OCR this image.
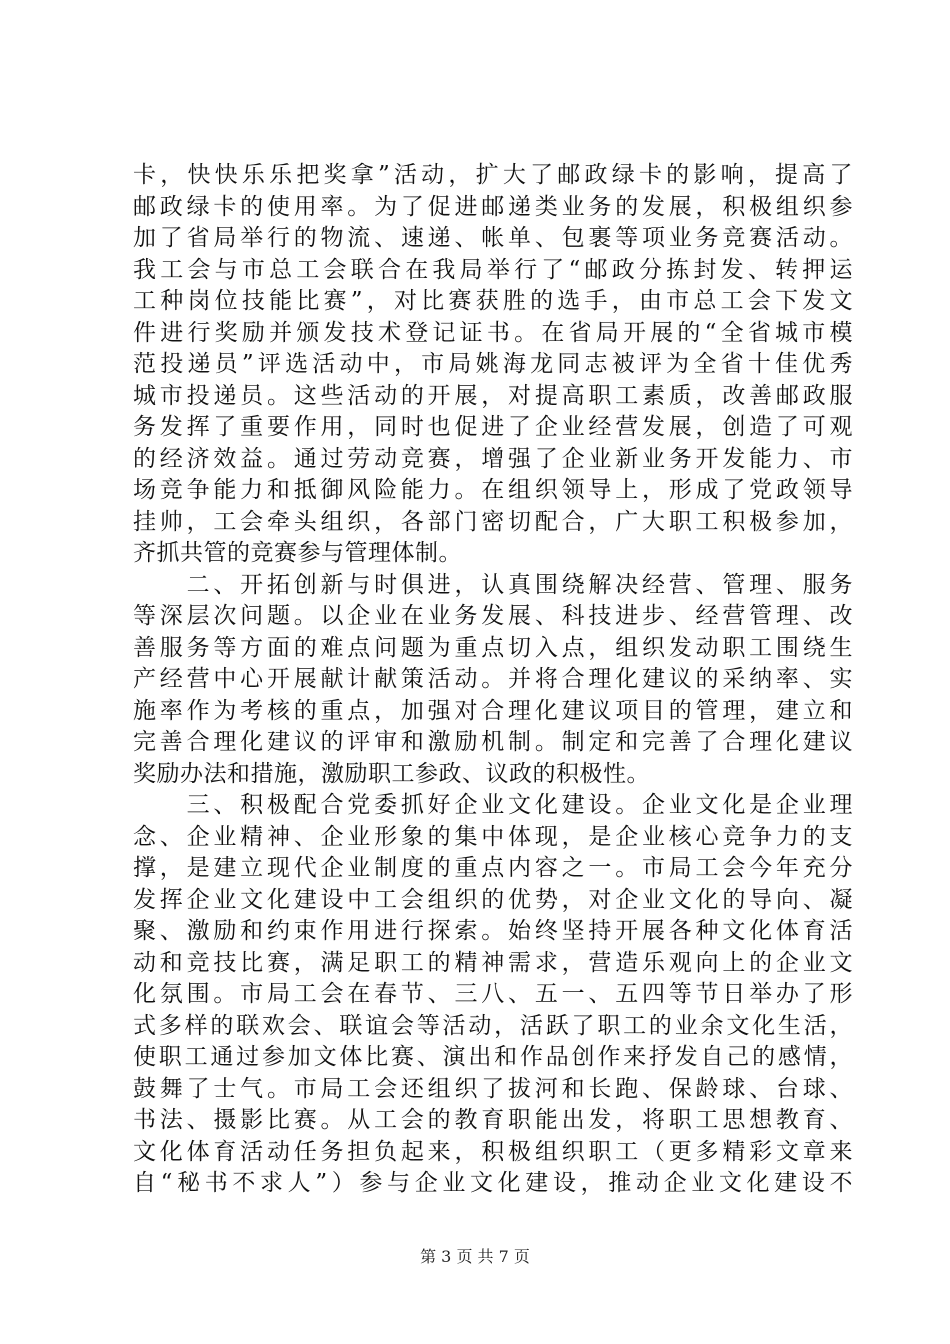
卡，快快乐乐把奖拿”活动，扩大了邮政绿卡的影响，提高了
邮政绿卡的使用率。为了促进邮递类业务的发展，积极组织参
加了省局举行的物流、速递、帐单、包裹等项业务竞赛活动。
我工会与市总工会联合在我局举行了“邮政分拣封发、转押运
工种岗位技能比赛”，对比赛获胜的选手，由市总工会下发文
件进行奖励并颁发技术登记证书。在省局开展的“全省城市模
范投递员”评选活动中，市局姚海龙同志被评为全省十佳优秀
城市投递员。这些活动的开展，对提高职工素质，改善邮政服
务发挥了重要作用，同时也促进了企业经营发展，创造了可观
的经济效益。通过劳动竞赛，增强了企业新业务开发能力、市
场竞争能力和抵御风险能力。在组织领导上，形成了党政领导
挂帅，工会牵头组织，各部门密切配合，广大职工积极参加，
齐抓共管的竞赛参与管理体制。
　　二、开拓创新与时俱进，认真围绕解决经营、管理、服务
等深层次问题。以企业在业务发展、科技进步、经营管理、改
善服务等方面的难点问题为重点切入点，组织发动职工围绕生
产经营中心开展献计献策活动。并将合理化建议的采纳率、实
施率作为考核的重点，加强对合理化建议项目的管理，建立和
完善合理化建议的评审和激励机制。制定和完善了合理化建议
奖励办法和措施，激励职工参政、议政的积极性。
　　三、积极配合党委抓好企业文化建设。企业文化是企业理
念、企业精神、企业形象的集中体现，是企业核心竞争力的支
撑，是建立现代企业制度的重点内容之一。市局工会今年充分
发挥企业文化建设中工会组织的优势，对企业文化的导向、凝
聚、激励和约束作用进行探索。始终坚持开展各种文化体育活
动和竞技比赛，满足职工的精神需求，营造乐观向上的企业文
化氛围。市局工会在春节、三八、五一、五四等节日举办了形
式多样的联欢会、联谊会等活动，活跃了职工的业余文化生活，
使职工通过参加文体比赛、演出和作品创作来抒发自己的感情，
鼓舞了士气。市局工会还组织了拔河和长跑、保龄球、台球、
书法、摄影比赛。从工会的教育职能出发，将职工思想教育、
文化体育活动任务担负起来，积极组织职工（更多精彩文章来
自“秘书不求人”）参与企业文化建设，推动企业文化建设不
第 3 页 共 7 页
